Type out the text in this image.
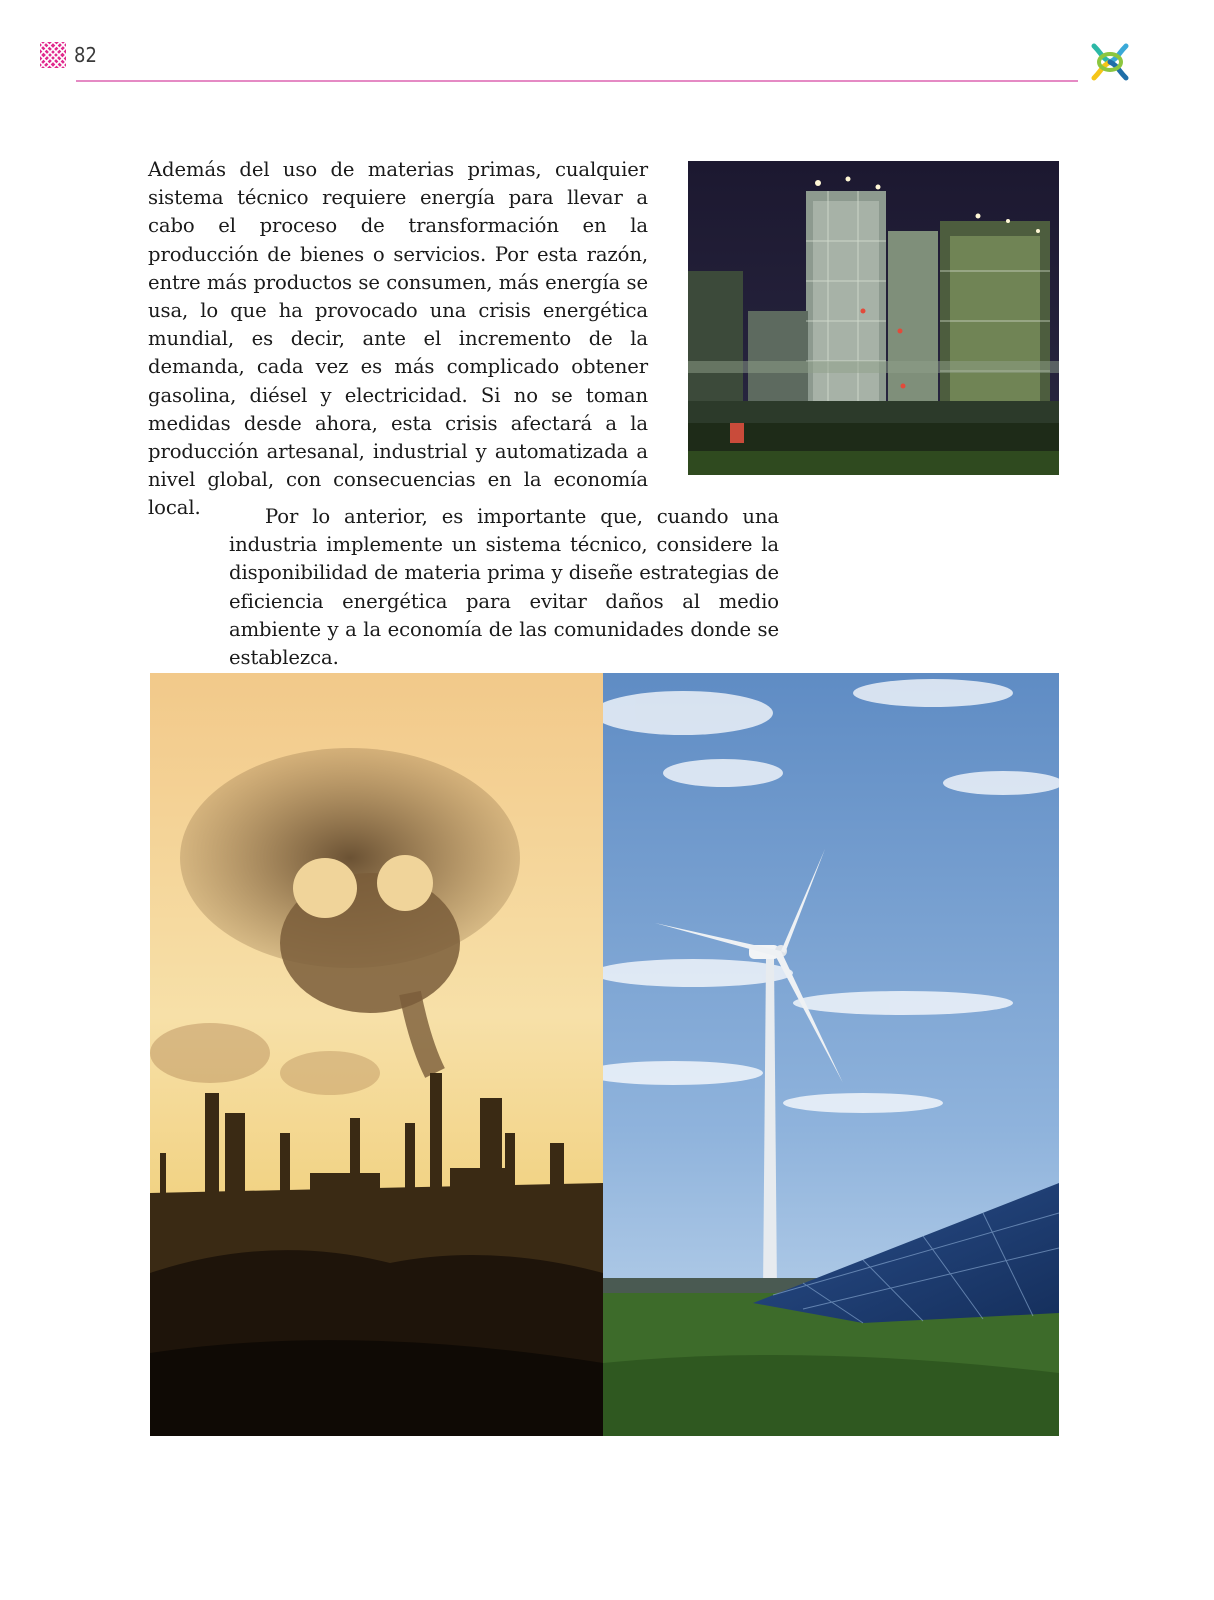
82

Además del uso de materias primas, cualquier sistema técnico requiere energía para llevar a cabo el proceso de transformación en la producción de bienes o servicios. Por esta razón, entre más productos se consumen, más energía se usa, lo que ha provocado una crisis energética mundial, es decir, ante el incremento de la demanda, cada vez es más complicado obtener gasolina, diésel y electricidad. Si no se toman medidas desde ahora, esta crisis afectará a la producción artesanal, industrial y automatizada a nivel global, con consecuencias en la economía local.	Por lo anterior, es importante que, cuando una industria implemente un sistema técnico, considere la disponibilidad de materia prima y diseñe estrategias de eficiencia energética para evitar daños al medio ambiente y a la economía de las comunidades donde se establezca.
